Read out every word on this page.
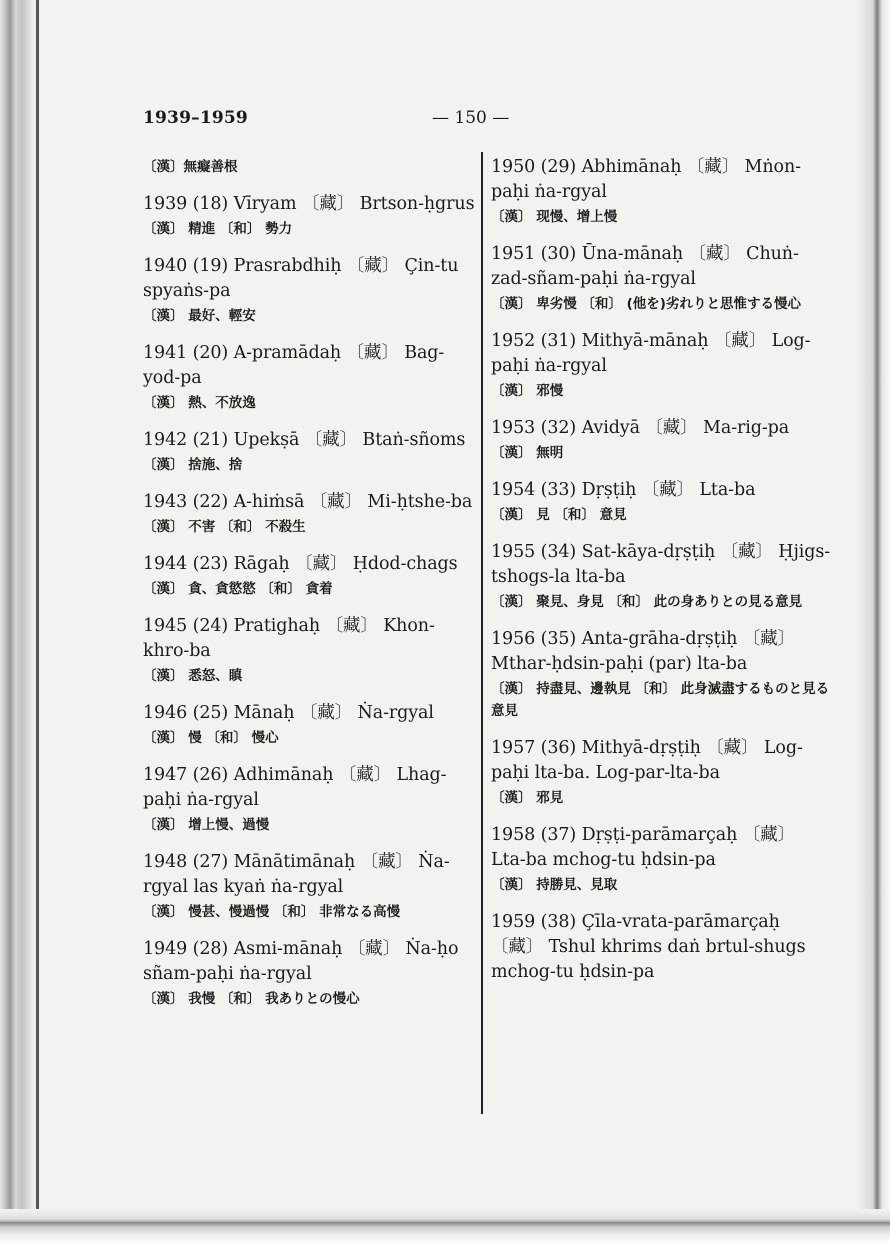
1939–1959	— 150 —
〔漢〕無癡善根
1939 (18) Vīryam 〔藏〕 Brtson-ḥgrus
〔漢〕 精進 〔和〕 勢力
1940 (19) Prasrabdhiḥ 〔藏〕 Çin-tu spyaṅs-pa
〔漢〕 最好、輕安
1941 (20) A-pramādaḥ 〔藏〕 Bag-yod-pa
〔漢〕 熱、不放逸
1942 (21) Upekṣā 〔藏〕 Btaṅ-sñoms
〔漢〕 捨施、捨
1943 (22) A-hiṁsā 〔藏〕 Mi-ḥtshe-ba
〔漢〕 不害 〔和〕 不殺生
1944 (23) Rāgaḥ 〔藏〕 Ḥdod-chags
〔漢〕 貪、貪慾慾 〔和〕 貪着
1945 (24) Pratighaḥ 〔藏〕 Khon-khro-ba
〔漢〕 悉怒、瞋
1946 (25) Mānaḥ 〔藏〕 Ṅa-rgyal
〔漢〕 慢 〔和〕 慢心
1947 (26) Adhimānaḥ 〔藏〕 Lhag-paḥi ṅa-rgyal
〔漢〕 增上慢、過慢
1948 (27) Mānātimānaḥ 〔藏〕 Ṅa-rgyal las kyaṅ ṅa-rgyal
〔漢〕 慢甚、慢過慢 〔和〕 非常なる高慢
1949 (28) Asmi-mānaḥ 〔藏〕 Ṅa-ḥo sñam-paḥi ṅa-rgyal
〔漢〕 我慢 〔和〕 我ありとの慢心
1950 (29) Abhimānaḥ 〔藏〕 Mṅon-paḥi ṅa-rgyal
〔漢〕 现慢、增上慢
1951 (30) Ūna-mānaḥ 〔藏〕 Chuṅ-zad-sñam-paḥi ṅa-rgyal
〔漢〕 卑劣慢 〔和〕 (他を)劣れりと思惟する慢心
1952 (31) Mithyā-mānaḥ 〔藏〕 Log-paḥi ṅa-rgyal
〔漢〕 邪慢
1953 (32) Avidyā 〔藏〕 Ma-rig-pa
〔漢〕 無明
1954 (33) Dṛṣṭiḥ 〔藏〕 Lta-ba
〔漢〕 見 〔和〕 意見
1955 (34) Sat-kāya-dṛṣṭiḥ 〔藏〕 Ḥjigs-tshogs-la lta-ba
〔漢〕 聚見、身見 〔和〕 此の身ありとの見る意見
1956 (35) Anta-grāha-dṛṣṭiḥ 〔藏〕 Mthar-ḥdsin-paḥi (par) lta-ba
〔漢〕 持盡見、邊執見 〔和〕 此身滅盡するものと見る意見
1957 (36) Mithyā-dṛṣṭiḥ 〔藏〕 Log-paḥi lta-ba. Log-par-lta-ba
〔漢〕 邪見
1958 (37) Dṛṣṭi-parāmarçaḥ 〔藏〕 Lta-ba mchog-tu ḥdsin-pa
〔漢〕 持勝見、見取
1959 (38) Çīla-vrata-parāmarçaḥ 〔藏〕 Tshul khrims daṅ brtul-shugs mchog-tu ḥdsin-pa
